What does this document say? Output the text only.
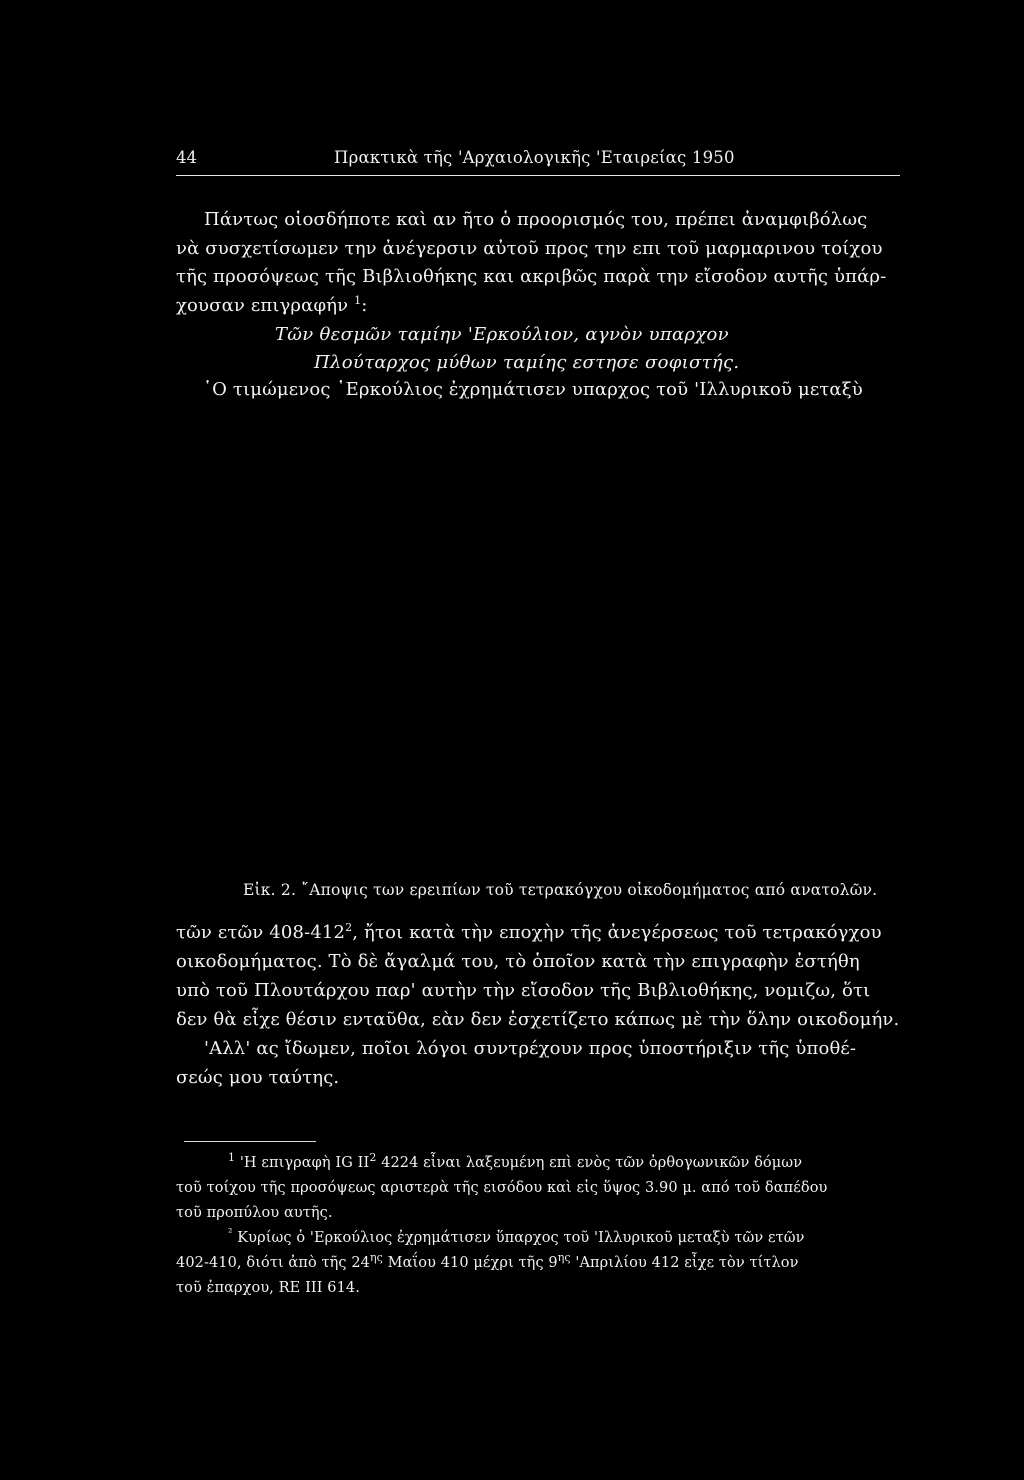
44	Πρακτικὰ τῆς 'Αρχαιολογικῆς 'Εταιρείας 1950
Πάντως οἱοσδήποτε καὶ αν ῆτο ὁ προορισμός του, πρέπει ἀναμφιβόλως
νὰ συσχετίσωμεν την ἀνέγερσιν αὐτοῦ προς την επι τοῦ μαρμαρινου τοίχου
τῆς προσόψεως τῆς Βιβλιοθήκης και ακριβῶς παρὰ την εἴσοδον αυτῆς ὑπάρ-
χουσαν επιγραφήν $^1$:
Τῶν θεσμῶν ταμίην 'Ερκούλιον, αγνὸν υπαρχον
Πλούταρχος μύθων ταμίης εστησε σοφιστής.
῾Ο τιμώμενος ῾Ερκούλιος ἐχρημάτισεν υπαρχος τοῦ 'Ιλλυρικοῦ μεταξὺ
Εἰκ. 2. ῎Αποψις των ερειπίων τοῦ τετρακόγχου οἰκοδομήματος από ανατολῶν.
τῶν ετῶν $408-412^2$, ἤτοι κατὰ τὴν εποχὴν τῆς ἀνεγέρσεως τοῦ τετρακόγχου
οικοδομήματος. Τὸ δὲ ἄγαλμά του, τὸ ὁποῖον κατὰ τὴν επιγραφὴν ἐστήθη
υπὸ τοῦ Πλουτάρχου παρ' αυτὴν τὴν εἴσοδον τῆς Βιβλιοθήκης, νομιζω, ὅτι
δεν θὰ εἶχε θέσιν ενταῦθα, εὰν δεν ἐσχετίζετο κάπως μὲ τὴν ὅλην οικοδομήν.
'Αλλ' ας ἴδωμεν, ποῖοι λόγοι συντρέχουν προς ὑποστήριξιν τῆς ὑποθέ-
σεώς μου ταύτης.
$^1$ 'Η επιγραφὴ IG $II^2$ 4224 εἶναι λαξευμένη επὶ ενὸς τῶν ὀρθογωνικῶν δόμων
τοῦ τοίχου τῆς προσόψεως αριστερὰ τῆς εισόδου καὶ εἰς ὕψος 3.90 μ. από τοῦ δαπέδου
τοῦ προπύλου αυτῆς.
$^{^2}$ Κυρίως ὁ 'Ερκούλιος ἐχρημάτισεν ὕπαρχος τοῦ 'Ιλλυρικοῦ μεταξὺ τῶν ετῶν
402-410, διότι ἀπὸ τῆς $24^{\eta\varsigma}$ Μαΐου 410 μέχρι τῆς $9^{\eta\varsigma}$ 'Απριλίου 412 εἶχε τὸν τίτλον
τοῦ ἐπαρχου, RE III 614.
